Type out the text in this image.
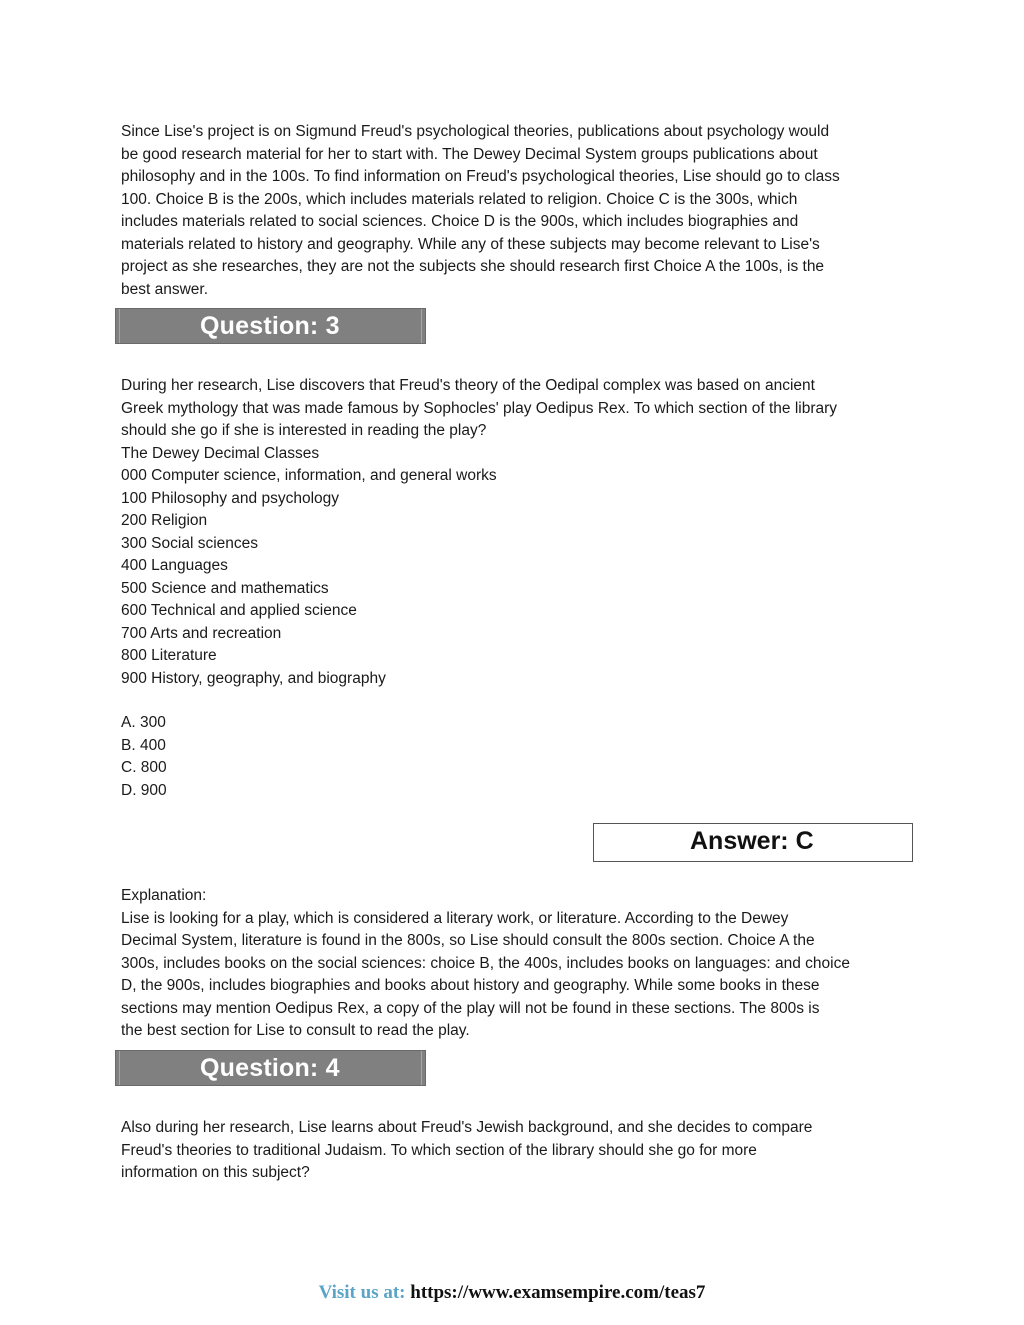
Since Lise's project is on Sigmund Freud's psychological theories, publications about psychology would
be good research material for her to start with. The Dewey Decimal System groups publications about
philosophy and in the 100s. To find information on Freud's psychological theories, Lise should go to class
100. Choice B is the 200s, which includes materials related to religion. Choice C is the 300s, which
includes materials related to social sciences. Choice D is the 900s, which includes biographies and
materials related to history and geography. While any of these subjects may become relevant to Lise's
project as she researches, they are not the subjects she should research first Choice A the 100s, is the
best answer.
Question: 3
During her research, Lise discovers that Freud's theory of the Oedipal complex was based on ancient
Greek mythology that was made famous by Sophocles' play Oedipus Rex. To which section of the library
should she go if she is interested in reading the play?
The Dewey Decimal Classes
000 Computer science, information, and general works
100 Philosophy and psychology
200 Religion
300 Social sciences
400 Languages
500 Science and mathematics
600 Technical and applied science
700 Arts and recreation
800 Literature
900 History, geography, and biography
A. 300
B. 400
C. 800
D. 900
Answer: C
Explanation:
Lise is looking for a play, which is considered a literary work, or literature. According to the Dewey
Decimal System, literature is found in the 800s, so Lise should consult the 800s section. Choice A the
300s, includes books on the social sciences: choice B, the 400s, includes books on languages: and choice
D, the 900s, includes biographies and books about history and geography. While some books in these
sections may mention Oedipus Rex, a copy of the play will not be found in these sections. The 800s is
the best section for Lise to consult to read the play.
Question: 4
Also during her research, Lise learns about Freud's Jewish background, and she decides to compare
Freud's theories to traditional Judaism. To which section of the library should she go for more
information on this subject?
Visit us at: https://www.examsempire.com/teas7
